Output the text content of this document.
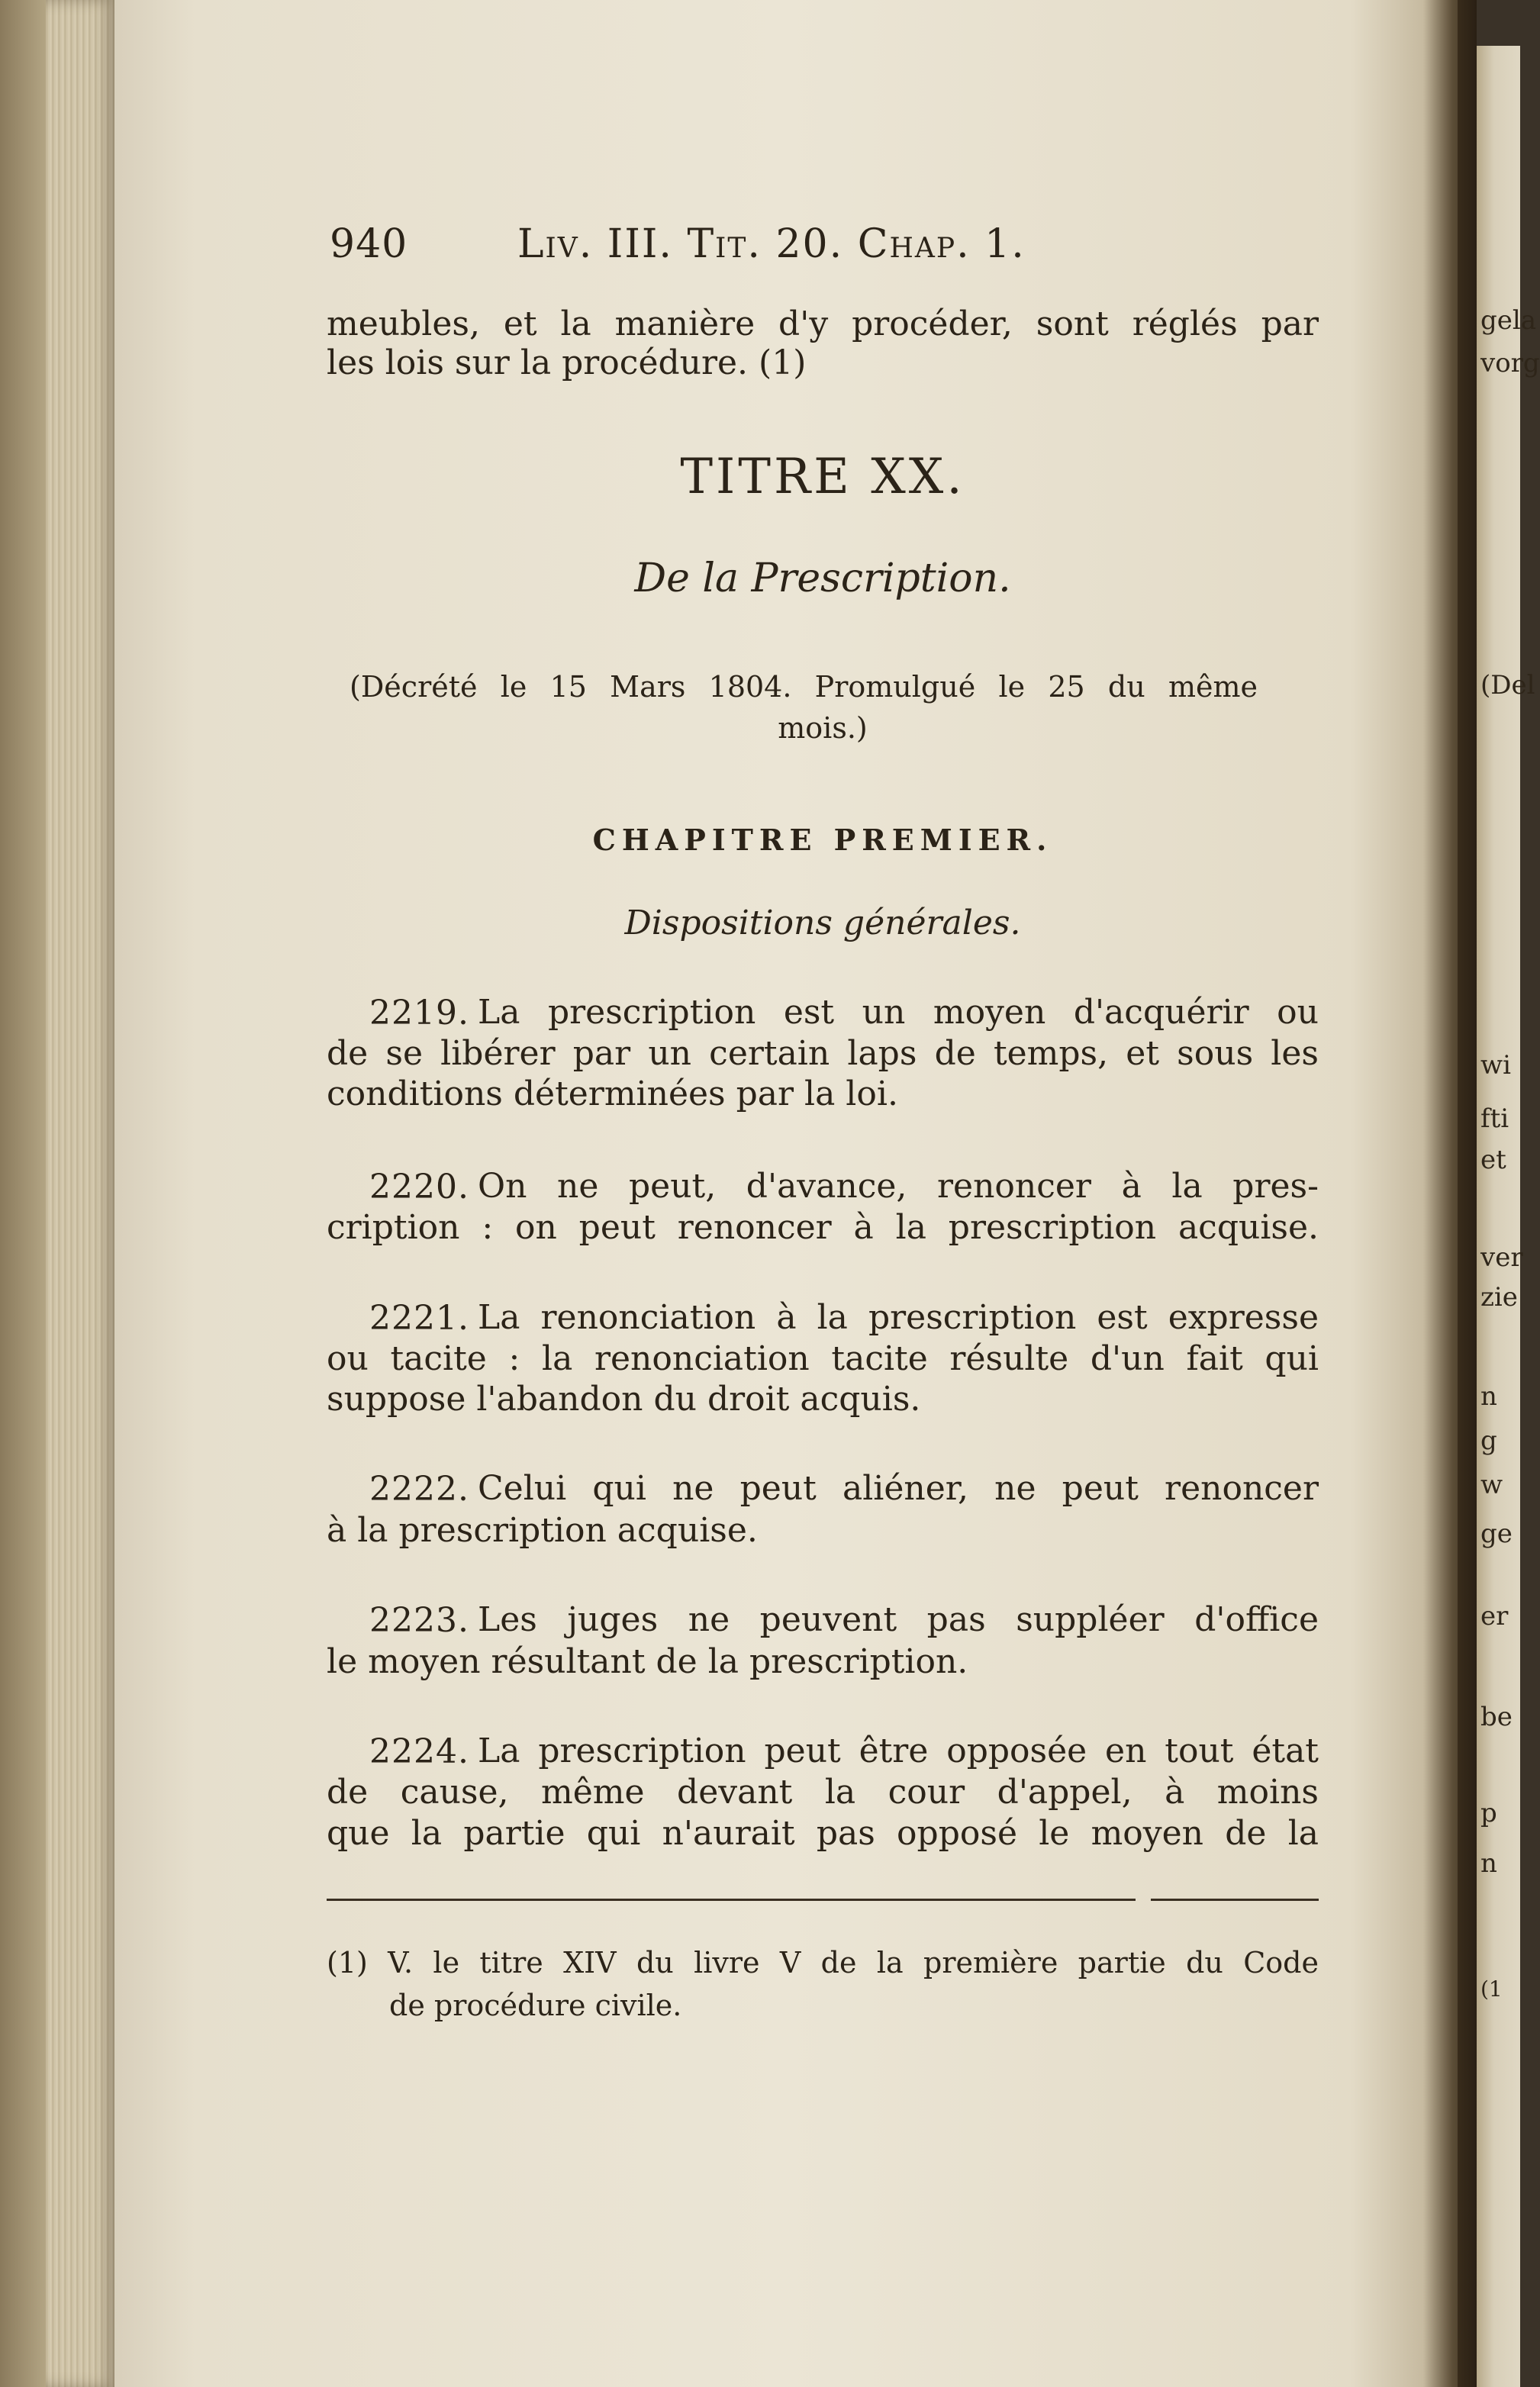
940	Liv. III. Tit. 20. Chap. 1.
meubles, et la manière d'y procéder, sont réglés par
les lois sur la procédure. (1)
TITRE XX.
De la Prescription.
(Décrété le 15 Mars 1804. Promulgué le 25 du même
mois.)
CHAPITRE PREMIER.
Dispositions générales.
2219. La prescription est un moyen d'acquérir ou
de se libérer par un certain laps de temps, et sous les
conditions déterminées par la loi.
2220. On ne peut, d'avance, renoncer à la pres-
cription : on peut renoncer à la prescription acquise.
2221. La renonciation à la prescription est expresse
ou tacite : la renonciation tacite résulte d'un fait qui
suppose l'abandon du droit acquis.
2222. Celui qui ne peut aliéner, ne peut renoncer
à la prescription acquise.
2223. Les juges ne peuvent pas suppléer d'office
le moyen résultant de la prescription.
2224. La prescription peut être opposée en tout état
de cause, même devant la cour d'appel, à moins
que la partie qui n'aurait pas opposé le moyen de la
(1) V. le titre XIV du livre V de la première partie du Code
de procédure civile.
gela
vorg
(Del
wi
fti
et
ver
zie
n
g
w
ge
er
be
p
n
(1
